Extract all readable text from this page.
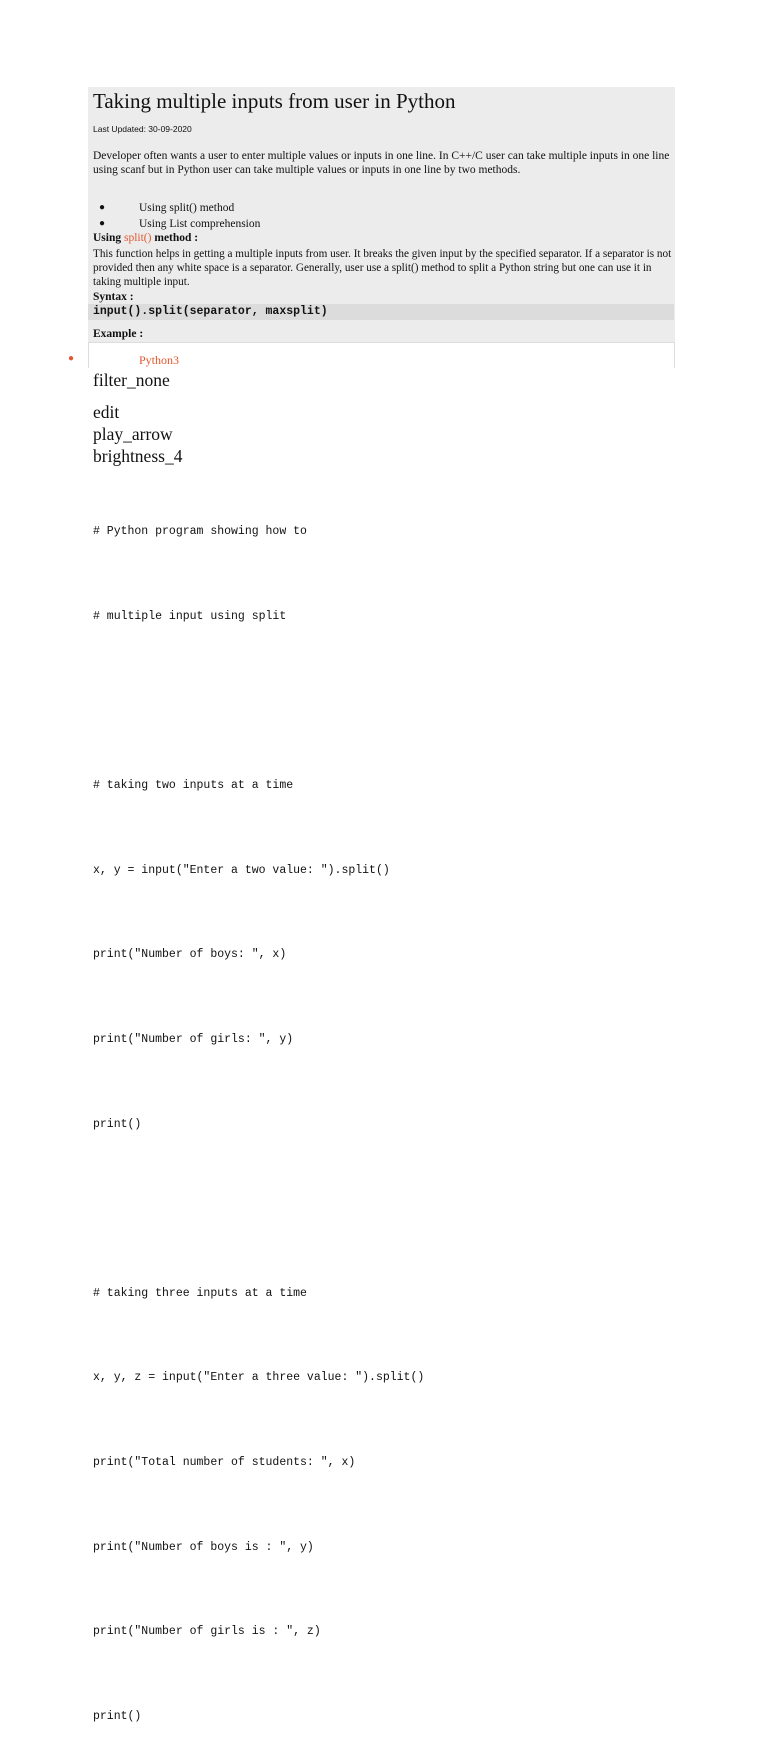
Taking multiple inputs from user in Python
Last Updated: 30-09-2020
Developer often wants a user to enter multiple values or inputs in one line. In C++/C user can take multiple inputs in one line using scanf but in Python user can take multiple values or inputs in one line by two methods.
●	Using split() method
●	Using List comprehension
Using split() method :
This function helps in getting a multiple inputs from user. It breaks the given input by the specified separator. If a separator is not provided then any white space is a separator. Generally, user use a split() method to split a Python string but one can use it in taking multiple input.
Syntax :
input().split(separator, maxsplit)
Example :
●	Python3
filter_none
edit
play_arrow
brightness_4

# Python program showing how to

# multiple input using split

# taking two inputs at a time

x, y = input("Enter a two value: ").split()

print("Number of boys: ", x)

print("Number of girls: ", y)

print()

# taking three inputs at a time

x, y, z = input("Enter a three value: ").split()

print("Total number of students: ", x)

print("Number of boys is : ", y)

print("Number of girls is : ", z)

print()
